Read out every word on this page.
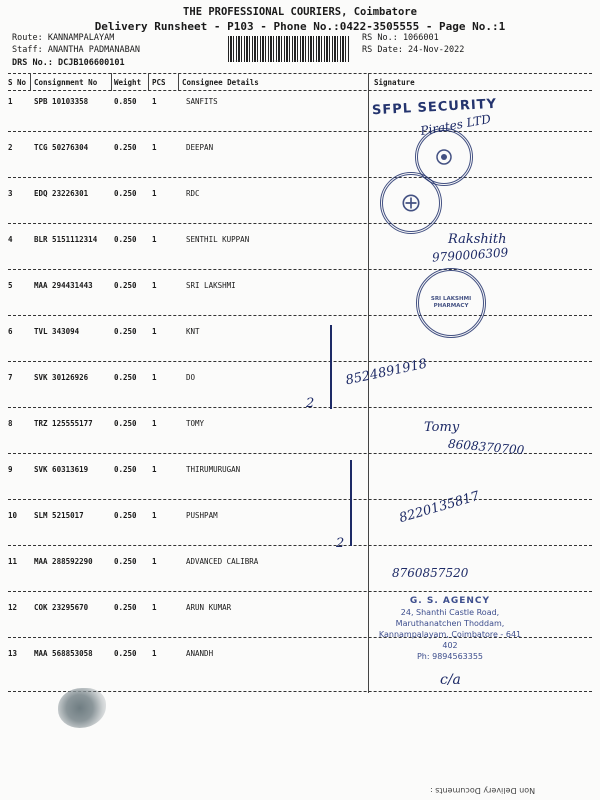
THE PROFESSIONAL COURIERS, Coimbatore
Delivery Runsheet - P103 - Phone No.:0422-3505555 - Page No.:1
Route: KANNAMPALAYAM
Staff: ANANTHA PADMANABAN
DRS No.: DCJB106600101
RS No.: 1066001
RS Date: 24-Nov-2022
S No Consignment No Weight PCS Consignee Details	Signature
1	SPB 10103358	0.850 1	SANFITS
2	TCG 50276304	0.250 1	DEEPAN
3	EDQ 23226301	0.250 1	RDC
4	BLR 5151112314 0.250 1	SENTHIL KUPPAN
5	MAA 294431443	0.250 1	SRI LAKSHMI
6	TVL 343094	0.250 1	KNT
7	SVK 30126926	0.250 1	DO
8	TRZ 125555177	0.250 1	TOMY
9	SVK 60313619	0.250 1	THIRUMURUGAN
10 SLM 5215017	0.250 1	PUSHPAM
11 MAA 288592290	0.250 1	ADVANCED CALIBRA
12 COK 23295670	0.250 1	ARUN KUMAR
13 MAA 568853058	0.250 1	ANANDH
SFPL SECURITY
SRI LAKSHMI PHARMACY
G. S. AGENCY
24, Shanthi Castle Road,
Maruthanatchen Thoddam,
Kannampalayam, Coimbatore - 641 402
Ph: 9894563355
Pirates LTD
Rakshith
9790006309
8524891918
Tomy
8608370700
8220135817
8760857520
c/a
2
2
Non Delivery Documents :
